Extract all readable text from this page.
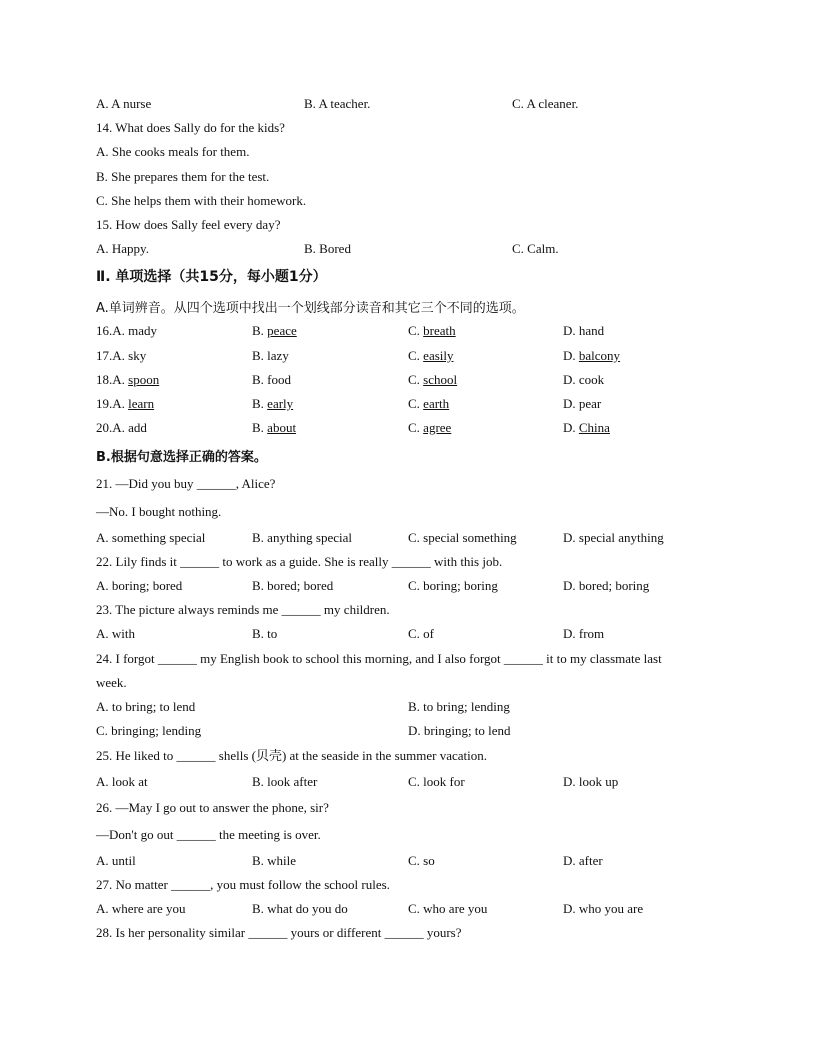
A. A nurse	B. A teacher.	C. A cleaner.
14. What does Sally do for the kids?
A. She cooks meals for them.
B. She prepares them for the test.
C. She helps them with their homework.
15. How does Sally feel every day?
A. Happy.	B. Bored	C. Calm.
Ⅱ. 单项选择（共15分，每小题1分）
A.单词辨音。从四个选项中找出一个划线部分读音和其它三个不同的选项。
16.A. mady	B. peace	C. breath	D. hand
17.A. sky	B. lazy	C. easily	D. balcony
18.A. spoon	B. food	C. school	D. cook
19.A. learn	B. early	C. earth	D. pear
20.A. add	B. about	C. agree	D. China
B.根据句意选择正确的答案。
21. —Did you buy ______, Alice?
—No. I bought nothing.
A. something special	B. anything special	C. special something	D. special anything
22. Lily finds it ______ to work as a guide. She is really ______ with this job.
A. boring; bored	B. bored; bored	C. boring; boring	D. bored; boring
23. The picture always reminds me ______ my children.
A. with	B. to	C. of	D. from
24. I forgot ______ my English book to school this morning, and I also forgot ______ it to my classmate last
week.
A. to bring; to lend	B. to bring; lending
C. bringing; lending	D. bringing; to lend
25. He liked to ______ shells (贝壳) at the seaside in the summer vacation.
A. look at	B. look after	C. look for	D. look up
26. —May I go out to answer the phone, sir?
—Don't go out ______ the meeting is over.
A. until	B. while	C. so	D. after
27. No matter ______, you must follow the school rules.
A. where are you	B. what do you do	C. who are you	D. who you are
28. Is her personality similar ______ yours or different ______ yours?
